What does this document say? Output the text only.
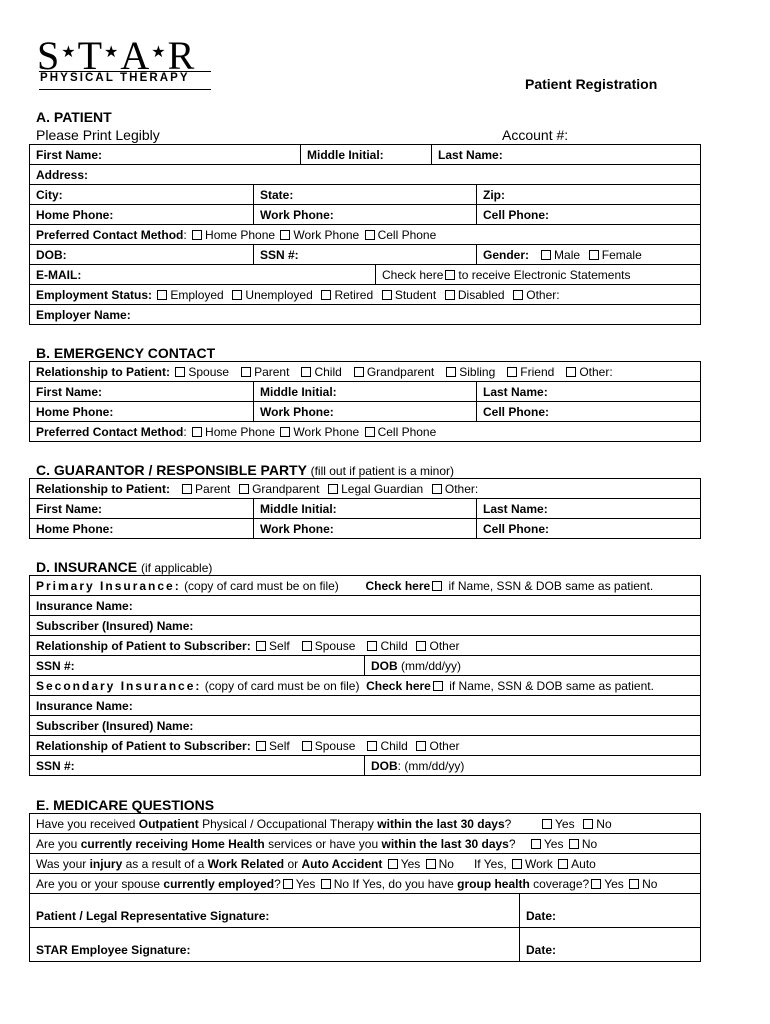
S★T★A★R
PHYSICAL THERAPY	Patient Registration
A. PATIENT
Please Print Legibly	Account #:
First Name:		Middle Initial:		Last Name:	
Address:					
City:	State:				Zip:
Home Phone:	Work Phone:				Cell Phone:
Preferred Contact Method: Home Phone Work Phone Cell Phone					
DOB:	SSN #:				Gender: Male Female
E-MAIL:			Check here to receive Electronic Statements		
Employment Status: Employed Unemployed Retired Student Disabled Other:					
Employer Name:					
B. EMERGENCY CONTACT
Relationship to Patient: Spouse Parent Child Grandparent Sibling Friend Other:		
First Name:	Middle Initial:	Last Name:
Home Phone:	Work Phone:	Cell Phone:
Preferred Contact Method: Home Phone Work Phone Cell Phone		
C. GUARANTOR / RESPONSIBLE PARTY (fill out if patient is a minor)
Relationship to Patient: Parent Grandparent Legal Guardian Other:		
First Name:	Middle Initial:	Last Name:
Home Phone:	Work Phone:	Cell Phone:
D. INSURANCE (if applicable)
Primary Insurance: (copy of card must be on file) Check here if Name, SSN & DOB same as patient.	
Insurance Name:	
Subscriber (Insured) Name:	
Relationship of Patient to Subscriber: Self Spouse Child Other	
SSN #:	DOB (mm/dd/yy)
Secondary Insurance: (copy of card must be on file) Check here if Name, SSN & DOB same as patient.	
Insurance Name:	
Subscriber (Insured) Name:	
Relationship of Patient to Subscriber: Self Spouse Child Other	
SSN #:	DOB: (mm/dd/yy)
E. MEDICARE QUESTIONS
Have you received Outpatient Physical / Occupational Therapy within the last 30 days? Yes No	
Are you currently receiving Home Health services or have you within the last 30 days? Yes No	
Was your injury as a result of a Work Related or Auto Accident Yes No If Yes, Work Auto	
Are you or your spouse currently employed? Yes No If Yes, do you have group health coverage? Yes No	
Patient / Legal Representative Signature:	Date:
STAR Employee Signature:	Date:
